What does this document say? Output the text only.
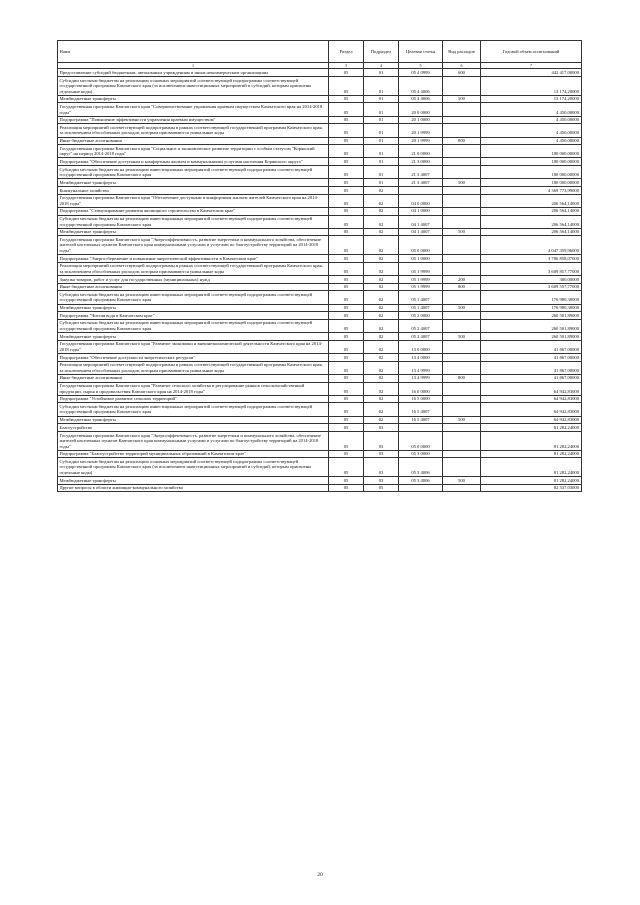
Наим	Раздел	Подраздел	Целевая статья	Вид расходов	Годовой объем ассигнований
1	3	4	5	6	7
Предоставление субсидий бюджетным, автономным учреждениям и иным некоммерческим организациям	05	01	05 4 0999	600	442 417,00000
Субсидии местным бюджетам на реализацию основных мероприятий соответствующей подпрограммы соответствующей государственной программы Камчатского края (за исключением инвестиционных мероприятий и субсидий, которым присвоены отдельные коды)	05	01	05 4 4006		13 174,20000
Межбюджетные трансферты	05	01	05 4 4006	500	13 174,20000
Государственная программа Камчатского края "Совершенствование управления краевым имуществом Камчатского края на 2014-2018 годы"	05	01	20 0 0000		4 450,00000
Подпрограмма "Повышение эффективности управления краевым имуществом"	05	01	20 1 0000		4 450,00000
Реализация мероприятий соответствующей подпрограммы в рамках соответствующей государственной программы Камчатского края, за исключением обособленных расходов, которым присваиваются уникальные коды	05	01	20 1 9999		4 450,00000
Иные бюджетные ассигнования	05	01	20 1 9999	800	4 450,00000
Государственная программа Камчатского края "Социальное и экономическое развитие территории с особым статусом "Корякский округ" на период 2014-2018 годы"	05	01	21 0 0000		180 000,00000
Подпрограмма "Обеспечение доступным и комфортным жильем и коммунальными услугами населения Корякского округа"	05	01	21 3 0000		180 000,00000
Субсидии местным бюджетам на реализацию инвестиционных мероприятий соответствующей подпрограммы соответствующей государственной программы Камчатского края	05	01	21 3 4007		180 000,00000
Межбюджетные трансферты	05	01	21 3 4007	500	180 000,00000
Коммунальное хозяйство	05	02			4 369 773,99000
Государственная программа Камчатского края "Обеспечение доступным и комфортным жильем жителей Камчатского края на 2014-2018 годы"	05	02	04 0 0000		206 564,14000
Подпрограмма "Стимулирование развития жилищного строительства в Камчатском крае"	05	02	04 1 0000		206 564,14000
Субсидии местным бюджетам на реализацию инвестиционных мероприятий соответствующей подпрограммы соответствующей государственной программы Камчатского края	05	02	04 1 4007		206 564,14000
Межбюджетные трансферты	05	02	04 1 4007	500	206 564,14000
Государственная программа Камчатского края "Энергоэффективность, развитие энергетики и коммунального хозяйства, обеспечение жителей населенных пунктов Камчатского края коммунальными услугами и услугами по благоустройству территорий на 2014-2018 годы"	05	02	05 0 0000		4 047 359,96000
Подпрограмма "Энергосбережение и повышение энергетической эффективности в Камчатском крае"	05	02	05 1 0000		3 786 858,07000
Реализация мероприятий соответствующей подпрограммы в рамках соответствующей государственной программы Камчатского края, за исключением обособленных расходов, которым присваиваются уникальные коды	05	02	05 1 9999		3 609 857,77000
Закупка товаров, работ и услуг для государственных (муниципальных) нужд	05	02	05 1 9999	200	300,00000
Иные бюджетные ассигнования	05	02	05 1 9999	800	3 609 557,77000
Субсидии местным бюджетам на реализацию инвестиционных мероприятий соответствующей подпрограммы соответствующей государственной программы Камчатского края	05	02	05 1 4007		176 980,30000
Межбюджетные трансферты	05	02	05 1 4007	500	176 980,30000
Подпрограмма "Чистая вода в Камчатском крае"	05	02	05 2 0000		260 501,89000
Субсидии местным бюджетам на реализацию инвестиционных мероприятий соответствующей подпрограммы соответствующей государственной программы Камчатского края	05	02	05 2 4007		260 501,89000
Межбюджетные трансферты	05	02	05 2 4007	500	260 501,89000
Государственная программа Камчатского края "Развитие экономики и внешнеэкономической деятельности Камчатского края на 2014-2018 годы"	05	02	13 0 0000		41 867,00000
Подпрограмма "Обеспечение доступности энергетических ресурсов"	05	02	13 4 0000		41 867,00000
Реализация мероприятий соответствующей подпрограммы в рамках соответствующей государственной программы Камчатского края, за исключением обособленных расходов, которым присваиваются уникальные коды	05	02	13 4 9999		41 867,00000
Иные бюджетные ассигнования	05	02	13 4 9999	800	41 867,00000
Государственная программа Камчатского края "Развитие сельского хозяйства и регулирование рынков сельскохозяйственной продукции, сырья и продовольствия Камчатского края на 2014-2018 годы"	05	02	16 0 0000		64 942,83000
Подпрограмма "Устойчивое развитие сельских территорий"	05	02	16 5 0000		64 942,83000
Субсидии местным бюджетам на реализацию инвестиционных мероприятий соответствующей подпрограммы соответствующей государственной программы Камчатского края	05	02	16 5 4007		64 942,83000
Межбюджетные трансферты	05	02	16 5 4007	500	64 942,83000
Благоустройство	05	03			81 282,24000
Государственная программа Камчатского края "Энергоэффективность, развитие энергетики и коммунального хозяйства, обеспечение жителей населенных пунктов Камчатского края коммунальными услугами и услугами по благоустройству территорий на 2014-2018 годы"	05	03	05 0 0000		81 282,24000
Подпрограмма "Благоустройство территорий муниципальных образований в Камчатском крае"	05	03	05 3 0000		81 282,24000
Субсидии местным бюджетам на реализацию основных мероприятий соответствующей подпрограммы соответствующей государственной программы Камчатского края (за исключением инвестиционных мероприятий и субсидий, которым присвоены отдельные коды)	05	03	05 3 4006		81 282,24000
Межбюджетные трансферты	05	03	05 3 4006	500	81 282,24000
Другие вопросы в области жилищно-коммунального хозяйства	05	05			82 537,03000
20
